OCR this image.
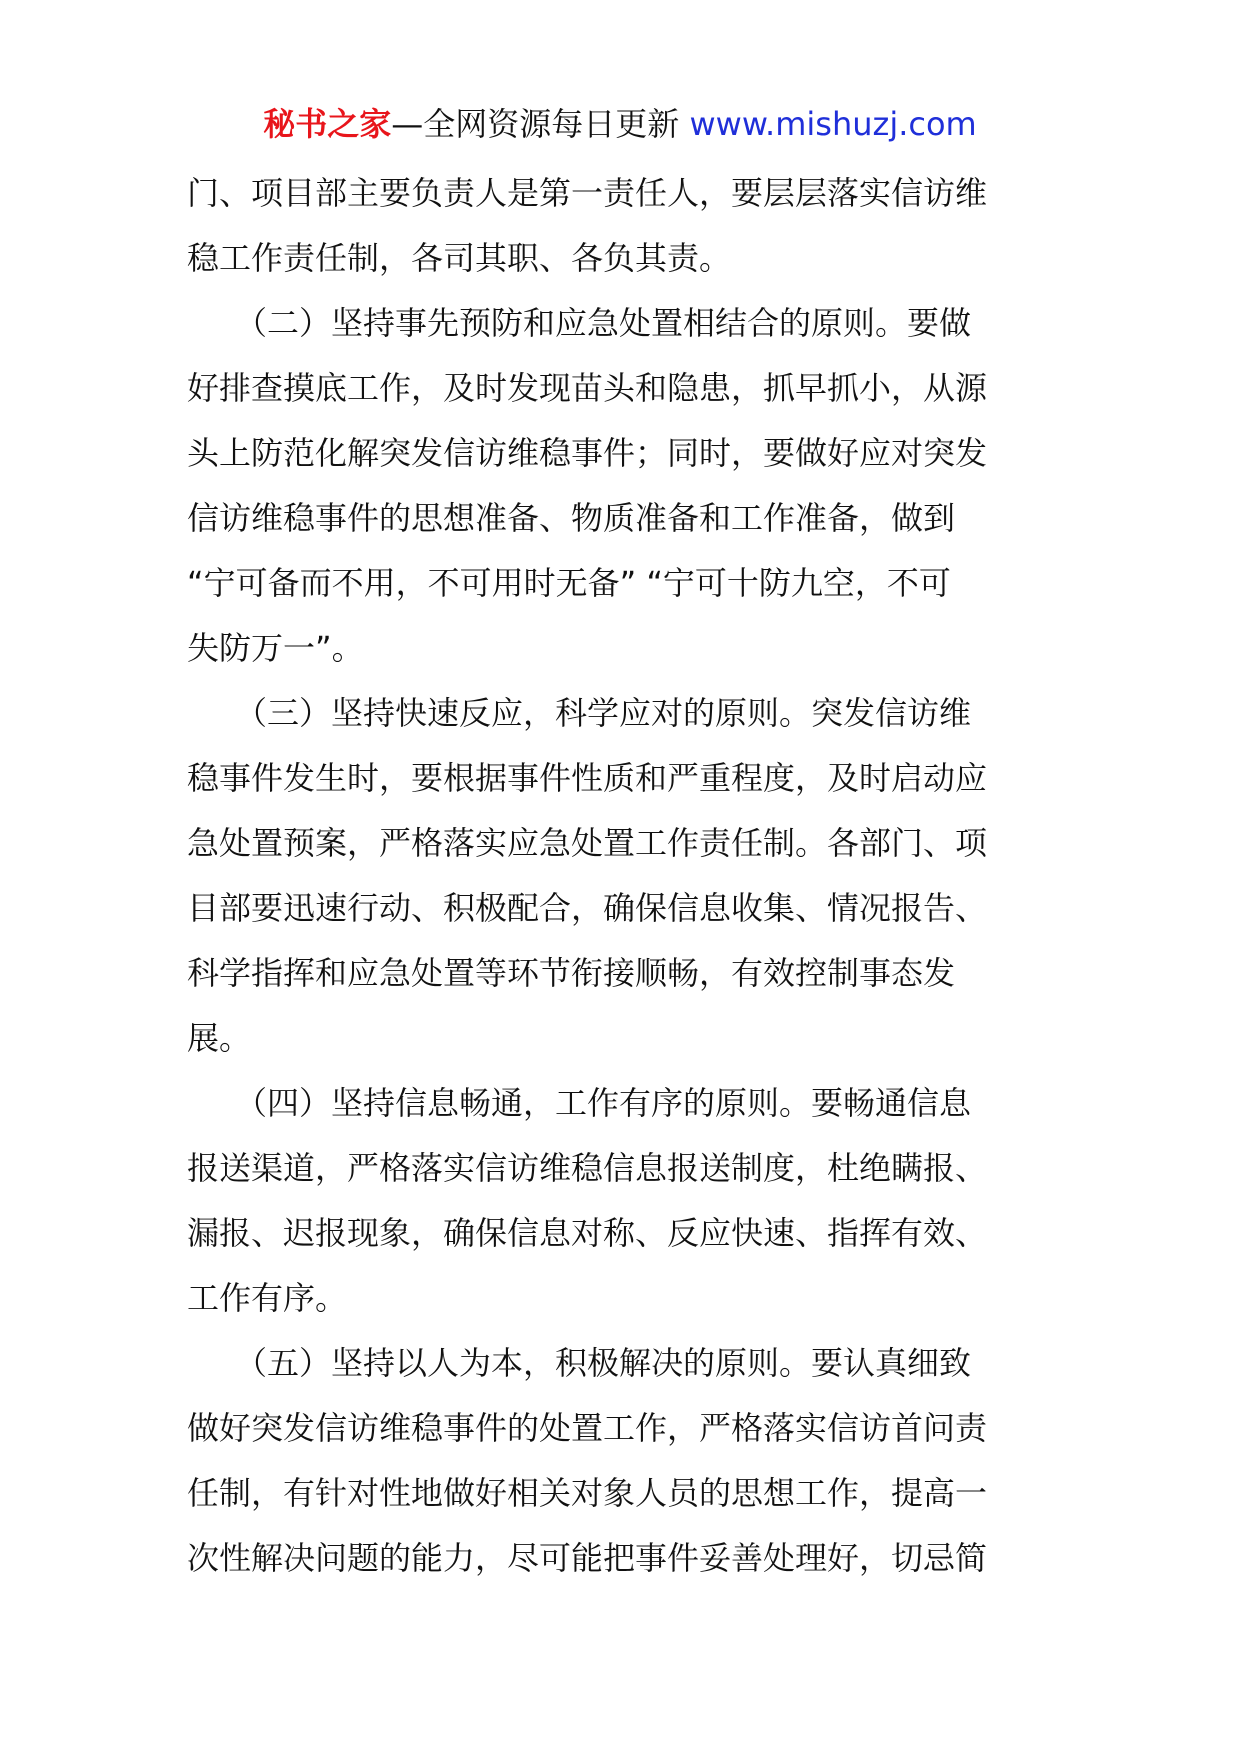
秘书之家—全网资源每日更新 www.mishuzj.com
门、项目部主要负责人是第一责任人，要层层落实信访维
稳工作责任制，各司其职、各负其责。
　　（二）坚持事先预防和应急处置相结合的原则。要做
好排查摸底工作，及时发现苗头和隐患，抓早抓小，从源
头上防范化解突发信访维稳事件；同时，要做好应对突发
信访维稳事件的思想准备、物质准备和工作准备，做到
“宁可备而不用，不可用时无备” “宁可十防九空，不可
失防万一”。
　　（三）坚持快速反应，科学应对的原则。突发信访维
稳事件发生时，要根据事件性质和严重程度，及时启动应
急处置预案，严格落实应急处置工作责任制。各部门、项
目部要迅速行动、积极配合，确保信息收集、情况报告、
科学指挥和应急处置等环节衔接顺畅，有效控制事态发
展。
　　（四）坚持信息畅通，工作有序的原则。要畅通信息
报送渠道，严格落实信访维稳信息报送制度，杜绝瞒报、
漏报、迟报现象，确保信息对称、反应快速、指挥有效、
工作有序。
　　（五）坚持以人为本，积极解决的原则。要认真细致
做好突发信访维稳事件的处置工作，严格落实信访首问责
任制，有针对性地做好相关对象人员的思想工作，提高一
次性解决问题的能力，尽可能把事件妥善处理好，切忌简
